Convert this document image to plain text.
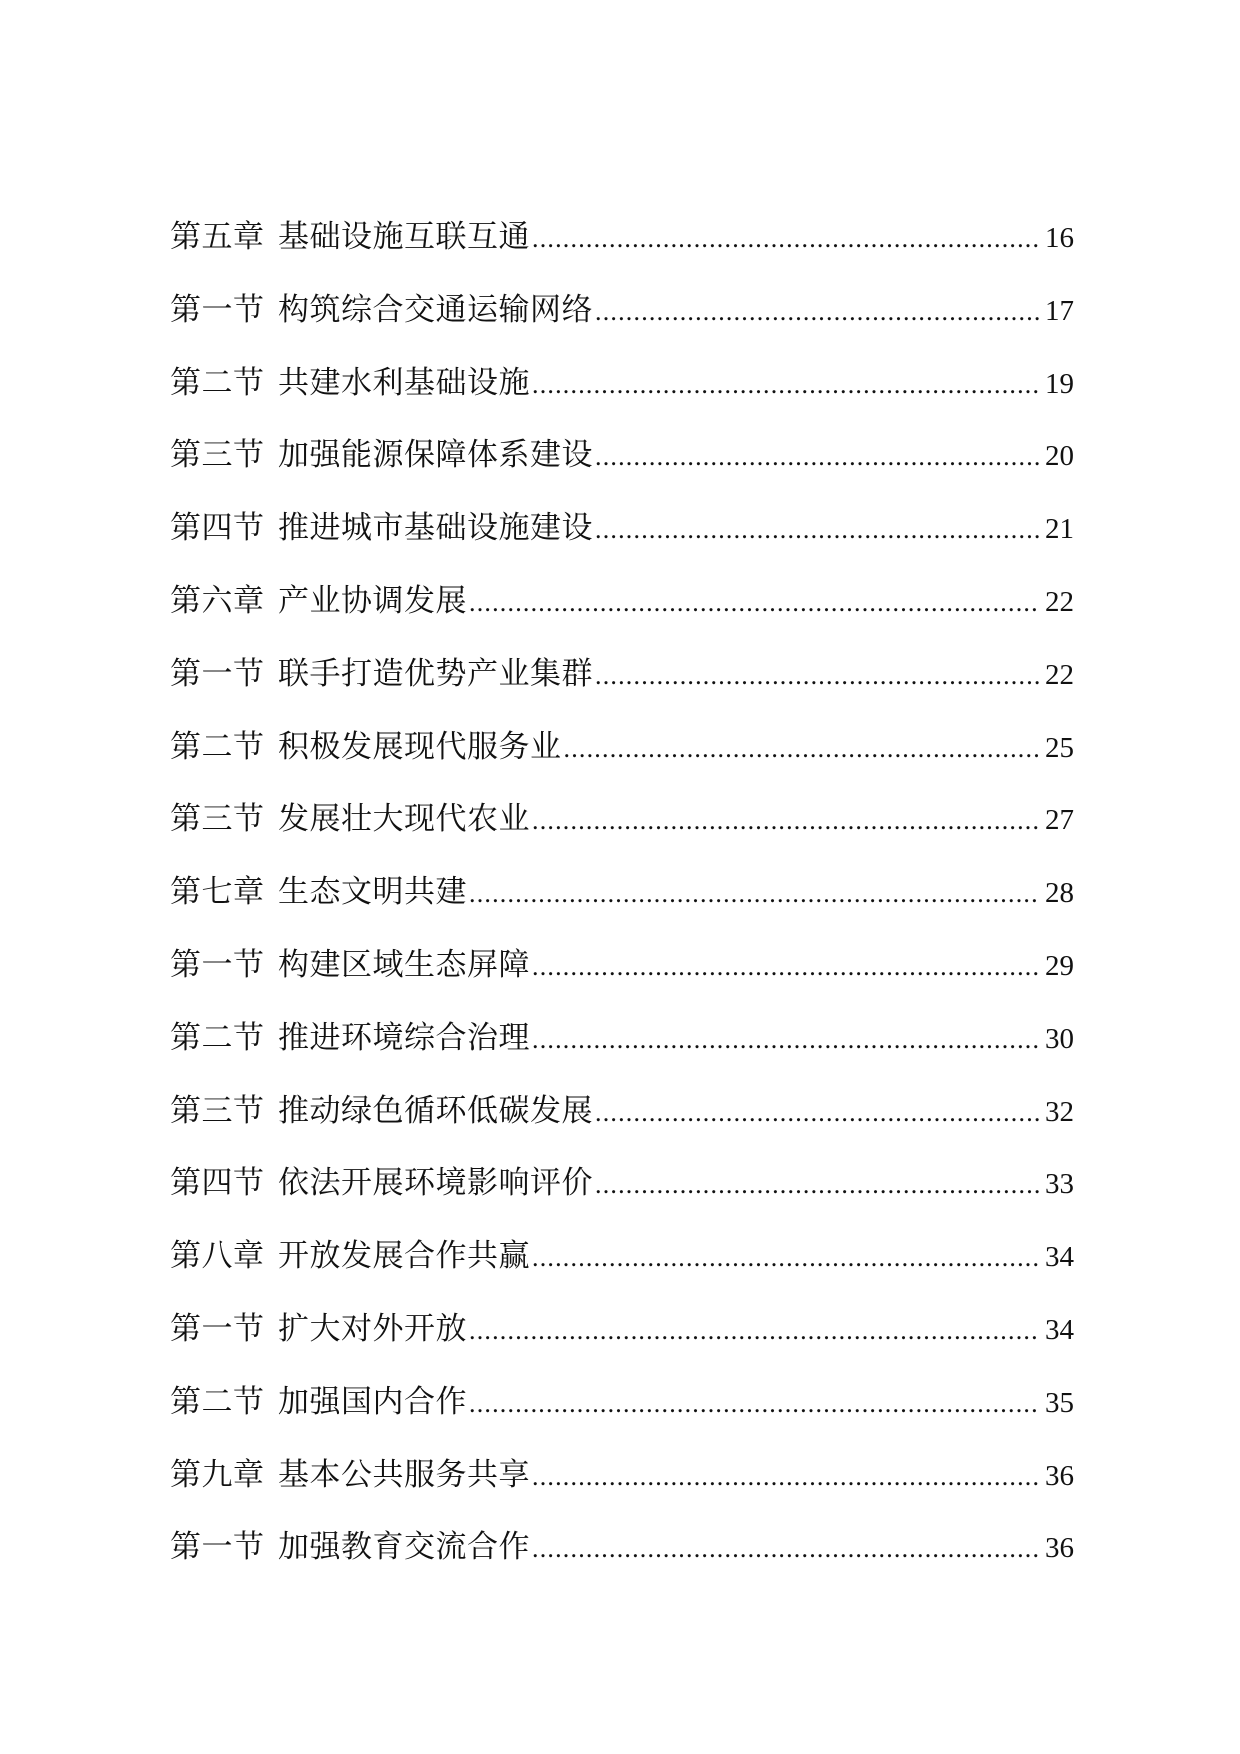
第五章 基础设施互联互通 .....	16
第一节 构筑综合交通运输网络 .....	17
第二节 共建水利基础设施 .....	19
第三节 加强能源保障体系建设 .....	20
第四节 推进城市基础设施建设 .....	21
第六章 产业协调发展 .....	22
第一节 联手打造优势产业集群 .....	22
第二节 积极发展现代服务业 .....	25
第三节 发展壮大现代农业 .....	27
第七章 生态文明共建 .....	28
第一节 构建区域生态屏障 .....	29
第二节 推进环境综合治理 .....	30
第三节 推动绿色循环低碳发展 .....	32
第四节 依法开展环境影响评价 .....	33
第八章 开放发展合作共赢 .....	34
第一节 扩大对外开放 .....	34
第二节 加强国内合作 .....	35
第九章 基本公共服务共享 .....	36
第一节 加强教育交流合作 .....	36
